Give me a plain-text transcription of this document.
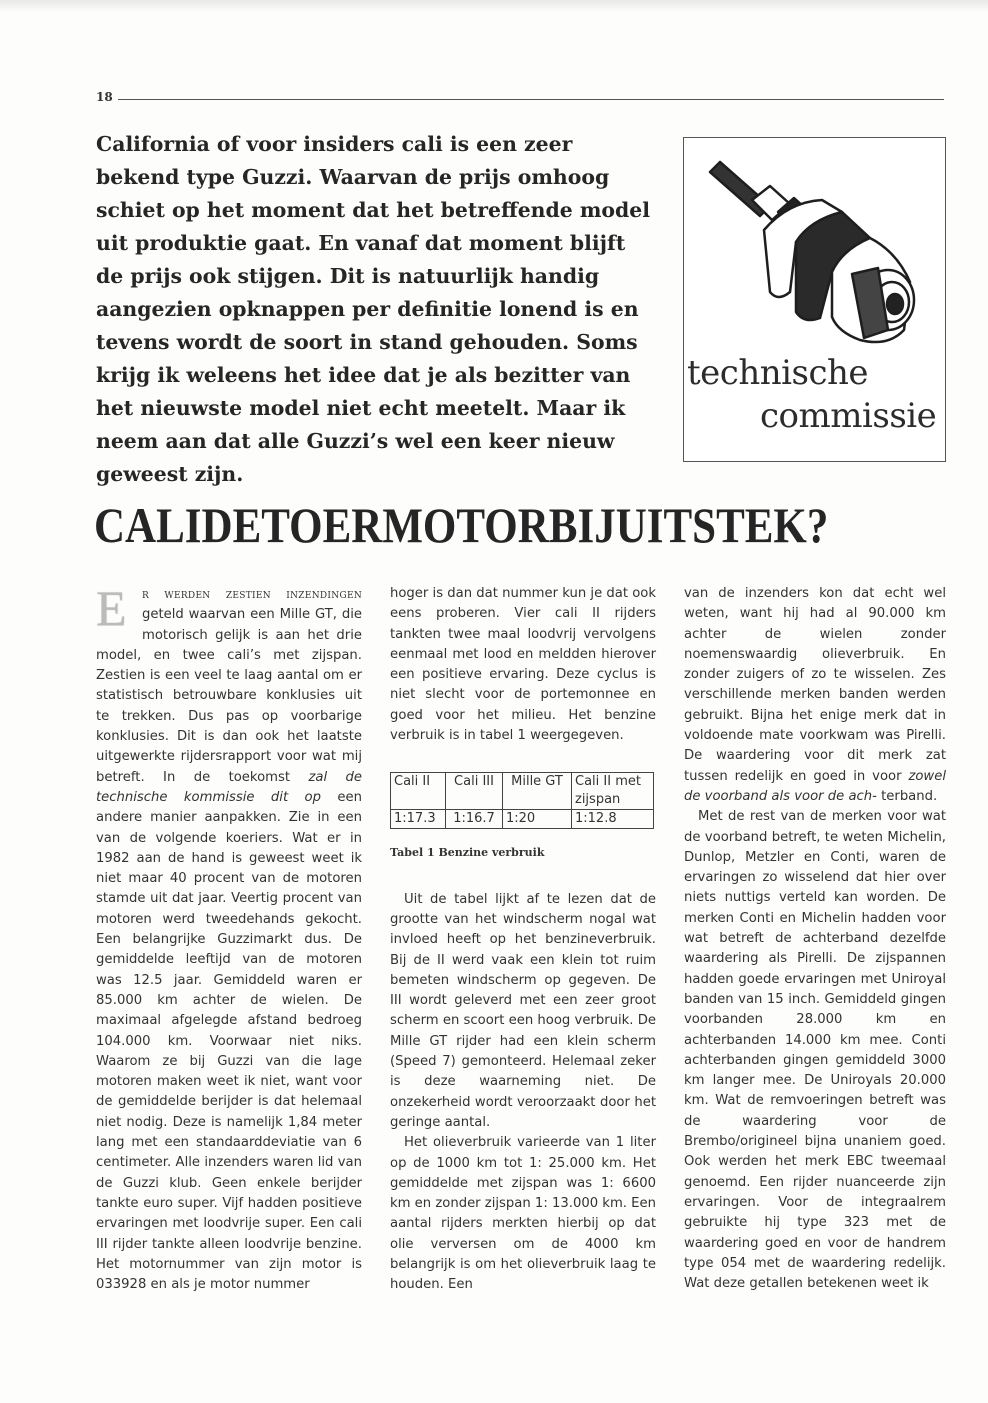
18
California of voor insiders cali is een zeer bekend type Guzzi. Waarvan de prijs omhoog schiet op het moment dat het betreffende model uit produktie gaat. En vanaf dat moment blijft de prijs ook stijgen. Dit is natuurlijk handig aangezien opknappen per definitie lonend is en tevens wordt de soort in stand gehouden. Soms krijg ik weleens het idee dat je als bezitter van het nieuwste model niet echt meetelt. Maar ik neem aan dat alle Guzzi’s wel een keer nieuw geweest zijn.
technische
commissie
CALIDETOERMOTORBIJUITSTEK?

E	r werden zestien inzendingen geteld waarvan een Mille GT, die motorisch gelijk is aan het drie model, en twee cali’s met zijspan. Zestien is een veel te laag aantal om er statistisch betrouwbare konklusies uit te trekken. Dus pas op voorbarige konklusies. Dit is dan ook het laatste uitgewerkte rijdersrapport voor wat mij betreft. In de toekomst zal de technische kommissie dit op een andere manier aanpakken. Zie in een van de volgende koeriers. Wat er in 1982 aan de hand is geweest weet ik niet maar 40 procent van de motoren stamde uit dat jaar. Veertig procent van motoren werd tweedehands gekocht. Een belangrijke Guzzimarkt dus. De gemiddelde leeftijd van de motoren was 12.5 jaar. Gemiddeld waren er 85.000 km achter de wielen. De maximaal afgelegde afstand bedroeg 104.000 km. Voorwaar niet niks. Waarom ze bij Guzzi van die lage motoren maken weet ik niet, want voor de gemiddelde berijder is dat helemaal niet nodig. Deze is namelijk 1,84 meter lang met een standaarddeviatie van 6 centimeter. Alle inzenders waren lid van de Guzzi klub. Geen enkele berijder tankte euro super. Vijf hadden positieve ervaringen met loodvrije super. Een cali III rijder tankte alleen loodvrije benzine. Het motornummer van zijn motor is 033928 en als je motor nummer

hoger is dan dat nummer kun je dat ook eens proberen. Vier cali II rijders tankten twee maal loodvrij vervolgens eenmaal met lood en meldden hierover een positieve ervaring. Deze cyclus is niet slecht voor de portemonnee en goed voor het milieu. Het benzine verbruik is in tabel 1 weergegeven.

Cali II	Cali III	Mille GT	Cali II met zijspan
1:17.3	1:16.7	1:20	1:12.8
Tabel 1 Benzine verbruik

Uit de tabel lijkt af te lezen dat de grootte van het windscherm nogal wat invloed heeft op het benzineverbruik. Bij de II werd vaak een klein tot ruim bemeten windscherm op gegeven. De III wordt geleverd met een zeer groot scherm en scoort een hoog verbruik. De Mille GT rijder had een klein scherm (Speed 7) gemonteerd. Helemaal zeker is deze waarneming niet. De onzekerheid wordt veroorzaakt door het geringe aantal.

Het olieverbruik varieerde van 1 liter op de 1000 km tot 1: 25.000 km. Het gemiddelde met zijspan was 1: 6600 km en zonder zijspan 1: 13.000 km. Een aantal rijders merkten hierbij op dat olie verversen om de 4000 km belangrijk is om het olieverbruik laag te houden. Een

van de inzenders kon dat echt wel weten, want hij had al 90.000 km achter de wielen zonder noemenswaardig olieverbruik. En zonder zuigers of zo te wisselen. Zes verschillende merken banden werden gebruikt. Bijna het enige merk dat in voldoende mate voorkwam was Pirelli. De waardering voor dit merk zat tussen redelijk en goed in voor zowel de voorband als voor de ach- terband.

Met de rest van de merken voor wat de voorband betreft, te weten Michelin, Dunlop, Metzler en Conti, waren de ervaringen zo wisselend dat hier over niets nuttigs verteld kan worden. De merken Conti en Michelin hadden voor wat betreft de achterband dezelfde waardering als Pirelli. De zijspannen hadden goede ervaringen met Uniroyal banden van 15 inch. Gemiddeld gingen voorbanden 28.000 km en achterbanden 14.000 km mee. Conti achterbanden gingen gemiddeld 3000 km langer mee. De Uniroyals 20.000 km. Wat de remvoeringen betreft was de waardering voor de Brembo/origineel bijna unaniem goed. Ook werden het merk EBC tweemaal genoemd. Een rijder nuanceerde zijn ervaringen. Voor de integraalrem gebruikte hij type 323 met de waardering goed en voor de handrem type 054 met de waardering redelijk. Wat deze getallen betekenen weet ik
